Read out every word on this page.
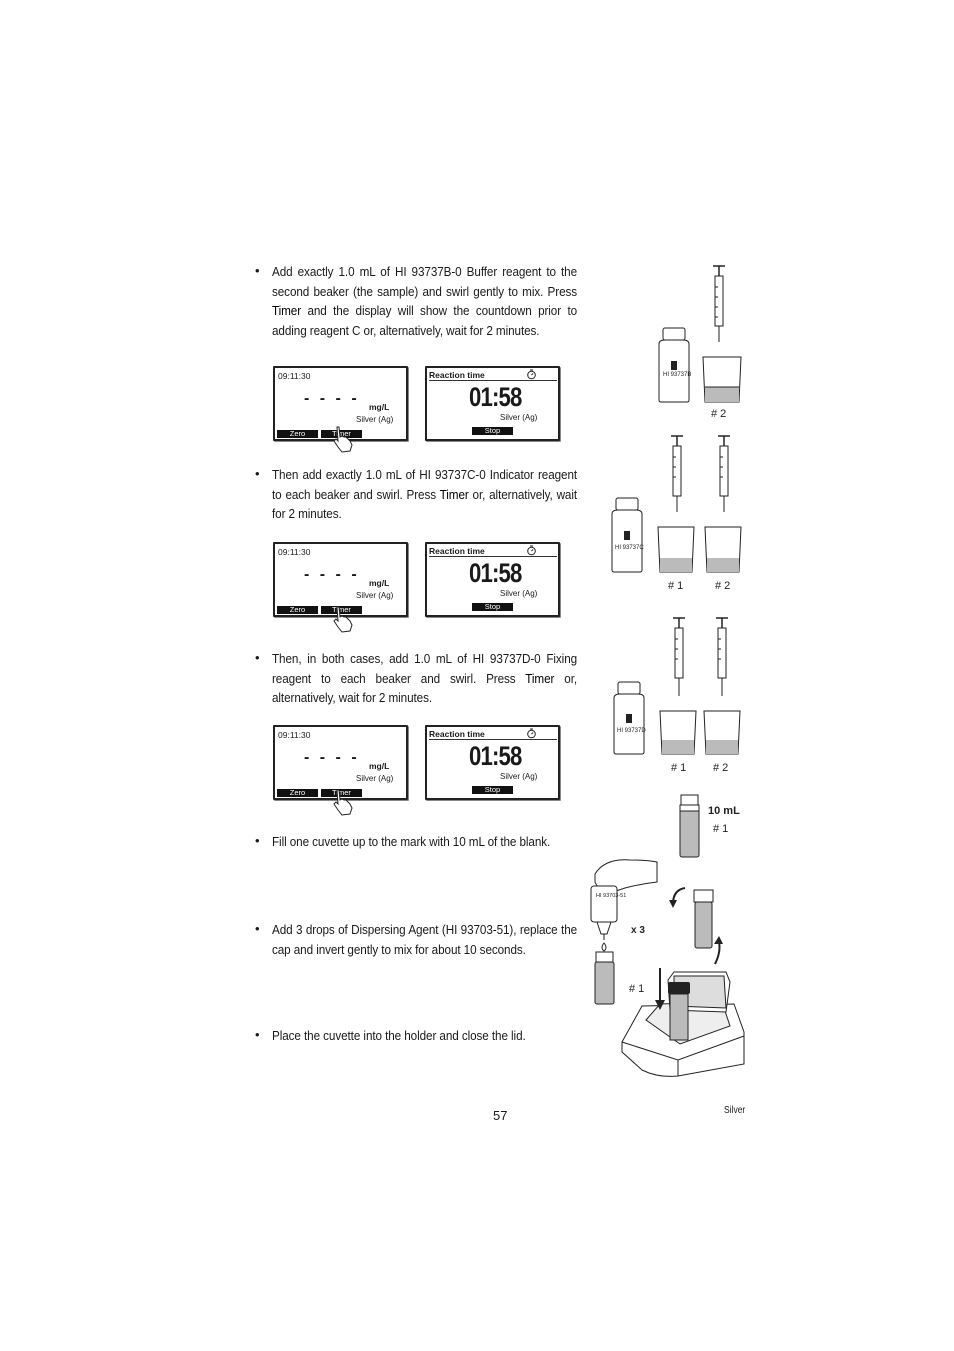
• Add exactly 1.0 mL of HI 93737B-0 Buffer reagent to the second beaker (the sample) and swirl gently to mix. Press Timer and the display will show the countdown prior to adding reagent C or, alternatively, wait for 2 minutes.
09:11:30
- - - - mg/L
Silver (Ag)
Zero	Timer
Reaction time
01:58
Silver (Ag)
Stop
• Then add exactly 1.0 mL of HI 93737C-0 Indicator reagent to each beaker and swirl. Press Timer or, alternatively, wait for 2 minutes.
09:11:30
- - - - mg/L
Silver (Ag)
Zero	Timer
Reaction time
01:58
Silver (Ag)
Stop
• Then, in both cases, add 1.0 mL of HI 93737D-0 Fixing reagent to each beaker and swirl. Press Timer or, alternatively, wait for 2 minutes.
09:11:30
- - - - mg/L
Silver (Ag)
Zero	Timer
Reaction time
01:58
Silver (Ag)
Stop
• Fill one cuvette up to the mark with 10 mL of the blank.
• Add 3 drops of Dispersing Agent (HI 93703-51), replace the cap and invert gently to mix for about 10 seconds.
• Place the cuvette into the holder and close the lid.
HI 93737B
# 2
HI 93737C
# 1	# 2
HI 93737D
# 1 # 2
10 mL
# 1
HI 93703-51
x 3
# 1
57	Silver
